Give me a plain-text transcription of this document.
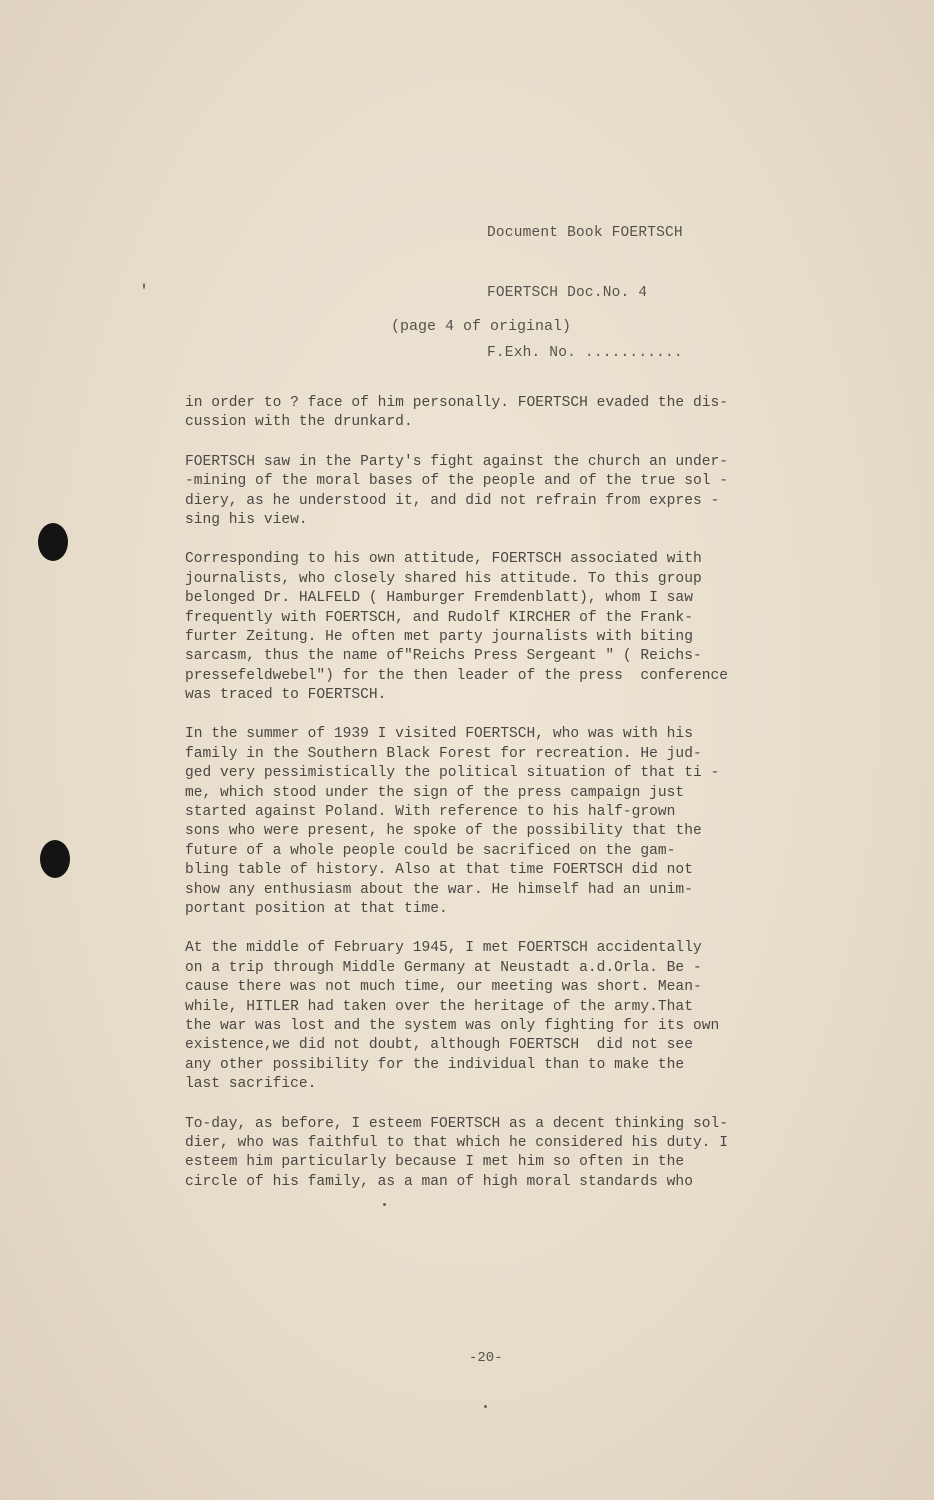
Document Book FOERTSCH

FOERTSCH Doc.No. 4

F.Exh. No. ...........

(page 4 of original)
in order to ? face of him personally. FOERTSCH evaded the dis-
cussion with the drunkard.
FOERTSCH saw in the Party's fight against the church an under-
-mining of the moral bases of the people and of the true sol -
diery, as he understood it, and did not refrain from expres -
sing his view.
Corresponding to his own attitude, FOERTSCH associated with
journalists, who closely shared his attitude. To this group
belonged Dr. HALFELD ( Hamburger Fremdenblatt), whom I saw
frequently with FOERTSCH, and Rudolf KIRCHER of the Frank-
furter Zeitung. He often met party journalists with biting
sarcasm, thus the name of"Reichs Press Sergeant " ( Reichs-
pressefeldwebel") for the then leader of the press  conference
was traced to FOERTSCH.
In the summer of 1939 I visited FOERTSCH, who was with his
family in the Southern Black Forest for recreation. He jud-
ged very pessimistically the political situation of that ti -
me, which stood under the sign of the press campaign just
started against Poland. With reference to his half-grown
sons who were present, he spoke of the possibility that the
future of a whole people could be sacrificed on the gam-
bling table of history. Also at that time FOERTSCH did not
show any enthusiasm about the war. He himself had an unim-
portant position at that time.
At the middle of February 1945, I met FOERTSCH accidentally
on a trip through Middle Germany at Neustadt a.d.Orla. Be -
cause there was not much time, our meeting was short. Mean-
while, HITLER had taken over the heritage of the army.That
the war was lost and the system was only fighting for its own
existence,we did not doubt, although FOERTSCH  did not see
any other possibility for the individual than to make the
last sacrifice.
To-day, as before, I esteem FOERTSCH as a decent thinking sol-
dier, who was faithful to that which he considered his duty. I
esteem him particularly because I met him so often in the
circle of his family, as a man of high moral standards who
-20-
